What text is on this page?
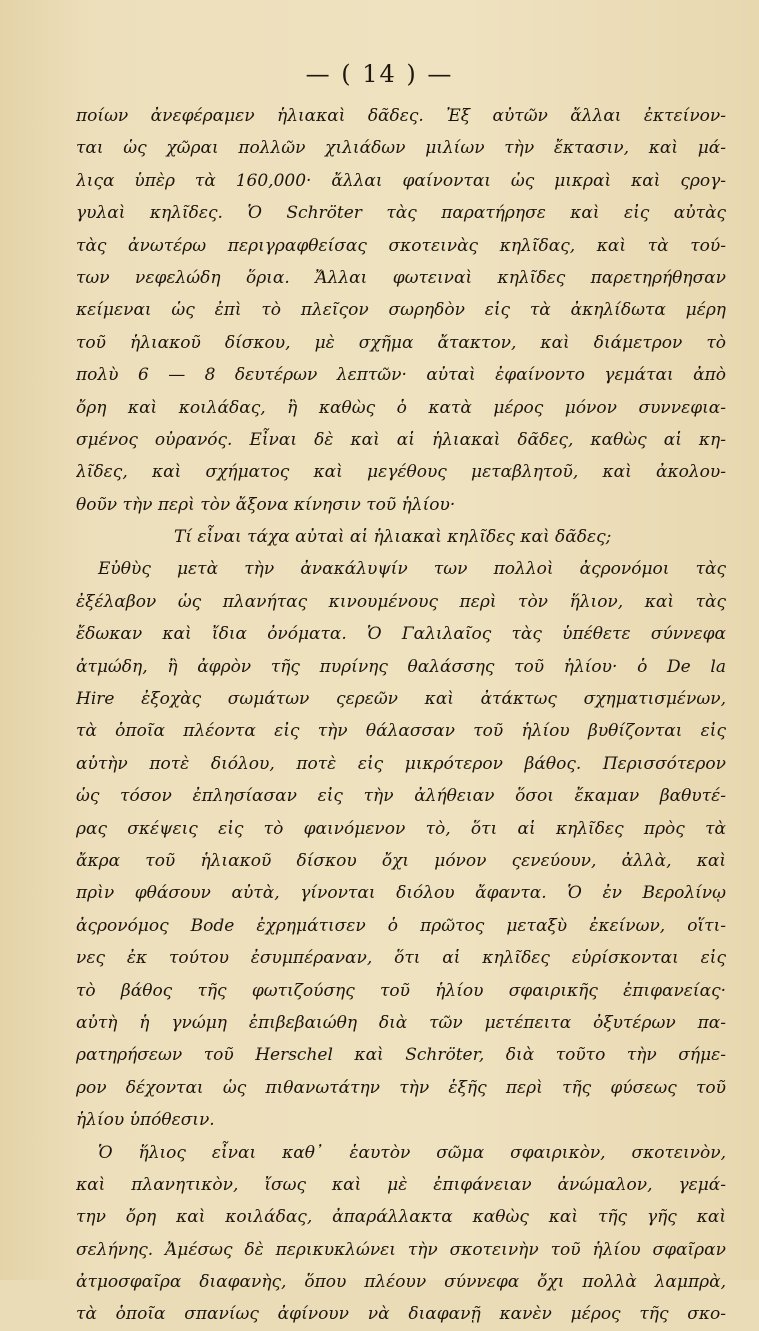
— ( 14 ) —
ποίων ἀνεφέραμεν ἡλιακαὶ δᾶδες. Ἐξ αὐτῶν ἄλλαι ἐκτείνον-
ται ὡς χῶραι πολλῶν χιλιάδων μιλίων τὴν ἔκτασιν, καὶ μά-
λιςα ὑπὲρ τὰ 160,000· ἄλλαι φαίνονται ὡς μικραὶ καὶ ςρογ-
γυλαὶ κηλῖδες. Ὁ Schröter τὰς παρατήρησε καὶ εἰς αὐτὰς
τὰς ἀνωτέρω περιγραφθείσας σκοτεινὰς κηλῖδας, καὶ τὰ τού-
των νεφελώδη ὅρια. Ἄλλαι φωτειναὶ κηλῖδες παρετηρήθησαν
κείμεναι ὡς ἐπὶ τὸ πλεῖςον σωρηδὸν εἰς τὰ ἀκηλίδωτα μέρη
τοῦ ἡλιακοῦ δίσκου, μὲ σχῆμα ἄτακτον, καὶ διάμετρον τὸ
πολὺ 6 — 8 δευτέρων λεπτῶν· αὐταὶ ἐφαίνοντο γεμάται ἀπὸ
ὄρη καὶ κοιλάδας, ἢ καθὼς ὁ κατὰ μέρος μόνον συννεφια-
σμένος οὐρανός. Εἶναι δὲ καὶ αἱ ἡλιακαὶ δᾶδες, καθὼς αἱ κη-
λῖδες, καὶ σχήματος καὶ μεγέθους μεταβλητοῦ, καὶ ἀκολου-
θοῦν τὴν περὶ τὸν ἄξονα κίνησιν τοῦ ἡλίου·
Τί εἶναι τάχα αὐταὶ αἱ ἡλιακαὶ κηλῖδες καὶ δᾶδες;
Εὐθὺς μετὰ τὴν ἀνακάλυψίν των πολλοὶ ἀςρονόμοι τὰς
ἐξέλαβον ὡς πλανήτας κινουμένους περὶ τὸν ἥλιον, καὶ τὰς
ἔδωκαν καὶ ἴδια ὀνόματα. Ὁ Γαλιλαῖος τὰς ὑπέθετε σύννεφα
ἀτμώδη, ἢ ἀφρὸν τῆς πυρίνης θαλάσσης τοῦ ἡλίου· ὁ De la
Hire ἐξοχὰς σωμάτων ςερεῶν καὶ ἀτάκτως σχηματισμένων,
τὰ ὁποῖα πλέοντα εἰς τὴν θάλασσαν τοῦ ἡλίου βυθίζονται εἰς
αὐτὴν ποτὲ διόλου, ποτὲ εἰς μικρότερον βάθος. Περισσότερον
ὡς τόσον ἐπλησίασαν εἰς τὴν ἀλήθειαν ὅσοι ἔκαμαν βαθυτέ-
ρας σκέψεις εἰς τὸ φαινόμενον τὸ, ὅτι αἱ κηλῖδες πρὸς τὰ
ἄκρα τοῦ ἡλιακοῦ δίσκου ὄχι μόνον ςενεύουν, ἀλλὰ, καὶ
πρὶν φθάσουν αὐτὰ, γίνονται διόλου ἄφαντα. Ὁ ἐν Βερολίνῳ
ἀςρονόμος Bode ἐχρημάτισεν ὁ πρῶτος μεταξὺ ἐκείνων, οἵτι-
νες ἐκ τούτου ἐσυμπέραναν, ὅτι αἱ κηλῖδες εὑρίσκονται εἰς
τὸ βάθος τῆς φωτιζούσης τοῦ ἡλίου σφαιρικῆς ἐπιφανείας·
αὐτὴ ἡ γνώμη ἐπιβεβαιώθη διὰ τῶν μετέπειτα ὀξυτέρων πα-
ρατηρήσεων τοῦ Herschel καὶ Schröter, διὰ τοῦτο τὴν σήμε-
ρον δέχονται ὡς πιθανωτάτην τὴν ἑξῆς περὶ τῆς φύσεως τοῦ
ἡλίου ὑπόθεσιν.
Ὁ ἥλιος εἶναι καθ᾽ ἑαυτὸν σῶμα σφαιρικὸν, σκοτεινὸν,
καὶ πλανητικὸν, ἴσως καὶ μὲ ἐπιφάνειαν ἀνώμαλον, γεμά-
την ὄρη καὶ κοιλάδας, ἀπαράλλακτα καθὼς καὶ τῆς γῆς καὶ
σελήνης. Ἀμέσως δὲ περικυκλώνει τὴν σκοτεινὴν τοῦ ἡλίου σφαῖραν
ἀτμοσφαῖρα διαφανὴς, ὅπου πλέουν σύννεφα ὄχι πολλὰ λαμπρὰ,
τὰ ὁποῖα σπανίως ἀφίνουν νὰ διαφανῇ κανὲν μέρος τῆς σκο-
